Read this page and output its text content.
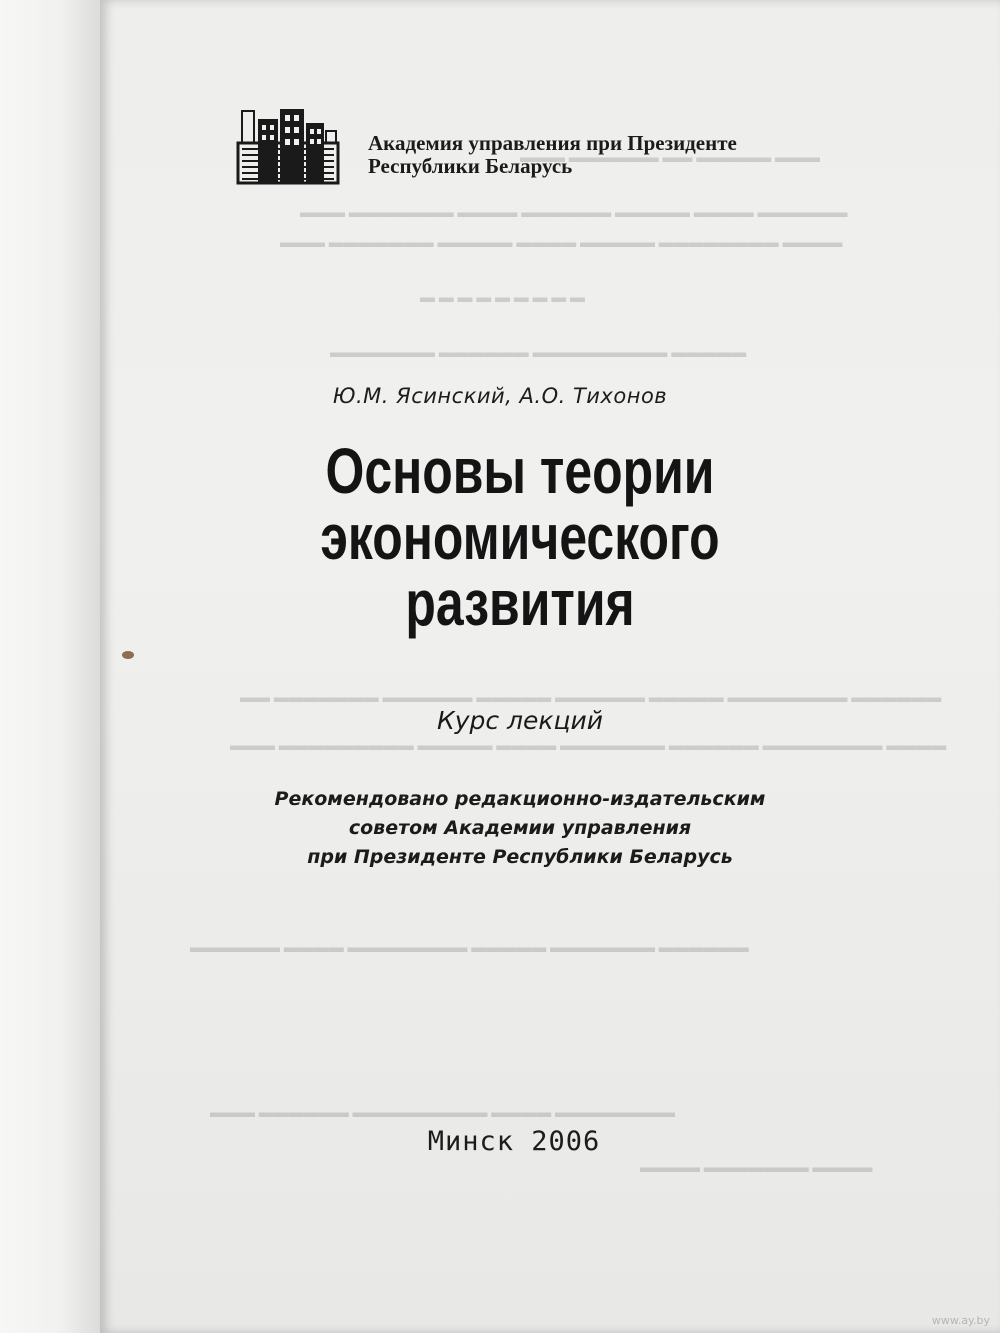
▬▬▬ ▬▬▬▬▬ ▬▬ ▬▬▬▬▬▬ ▬▬▬
▬▬▬▬▬▬ ▬▬▬▬ ▬▬▬▬▬ ▬▬▬▬▬▬ ▬▬▬▬ ▬▬▬▬▬▬▬ ▬▬▬
▬▬▬▬ ▬▬▬▬▬▬▬▬ ▬▬▬▬▬ ▬▬▬▬ ▬▬▬▬▬ ▬▬▬▬▬▬▬ ▬▬▬
▬ ▬ ▬ ▬ ▬ ▬ ▬ ▬ ▬
▬▬▬▬▬ ▬▬▬▬▬▬▬▬▬ ▬▬▬▬▬▬ ▬▬▬▬▬▬▬
▬▬▬▬▬▬ ▬▬▬▬▬▬▬▬ ▬▬▬▬▬ ▬▬▬▬▬▬ ▬▬▬▬▬ ▬▬▬▬▬▬ ▬▬▬▬▬▬▬ ▬▬
▬▬▬▬ ▬▬▬▬▬▬▬▬ ▬▬▬▬▬▬ ▬▬▬▬▬▬▬ ▬▬▬▬ ▬▬▬▬▬ ▬▬▬▬▬▬▬▬▬ ▬▬▬
▬▬▬▬▬▬ ▬▬▬▬▬▬▬ ▬▬▬▬▬ ▬▬▬▬▬▬▬▬ ▬▬▬▬ ▬▬▬▬▬▬
▬▬▬▬▬▬▬▬ ▬▬▬▬ ▬▬▬▬▬▬▬▬▬ ▬▬▬▬▬▬ ▬▬▬
▬▬▬▬ ▬▬▬▬▬▬▬ ▬▬▬▬
Академия управления при Президенте
Республики Беларусь
Ю.М. Ясинский, А.О. Тихонов
Основы теории
экономического
развития
Курс лекций
Рекомендовано редакционно-издательским
советом Академии управления
при Президенте Республики Беларусь
Минск 2006
www.ay.by
